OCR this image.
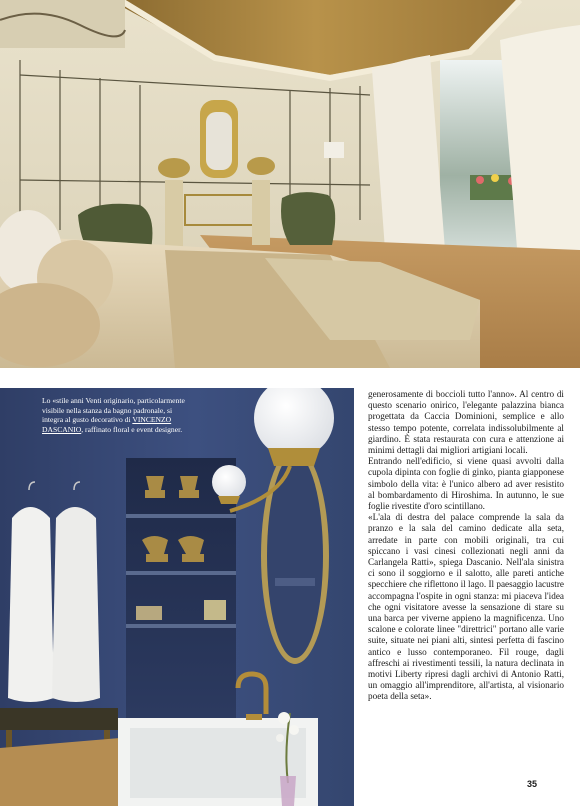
Lo «stile anni Venti originario, particolarmente visibile nella stanza da bagno padronale, si integra al gusto decorativo di VINCENZO DASCANIO, raffinato floral e event designer.

generosamente di boccioli tutto l'anno». Al centro di questo scenario onirico, l'elegante palazzina bianca progettata da Caccia Dominioni, semplice e allo stesso tempo potente, correlata indissolubilmente al giardino. È stata restaurata con cura e attenzione ai minimi dettagli dai migliori artigiani locali.

Entrando nell'edificio, si viene quasi avvolti dalla cupola dipinta con foglie di ginko, pianta giapponese simbolo della vita: è l'unico albero ad aver resistito al bombardamento di Hiroshima. In autunno, le sue foglie rivestite d'oro scintillano.

«L'ala di destra del palace comprende la sala da pranzo e la sala del camino dedicate alla seta, arredate in parte con mobili originali, tra cui spiccano i vasi cinesi collezionati negli anni da Carlangela Ratti», spiega Dascanio. Nell'ala sinistra ci sono il soggiorno e il salotto, alle pareti antiche specchiere che riflettono il lago. Il paesaggio lacustre accompagna l'ospite in ogni stanza: mi piaceva l'idea che ogni visitatore avesse la sensazione di stare su una barca per viverne appieno la magnificenza. Uno scalone e colorate linee "direttrici" portano alle varie suite, situate nei piani alti, sintesi perfetta di fascino antico e lusso contemporaneo. Fil rouge, dagli affreschi ai rivestimenti tessili, la natura declinata in motivi Liberty ripresi dagli archivi di Antonio Ratti, un omaggio all'imprenditore, all'artista, al visionario poeta della seta».

35
